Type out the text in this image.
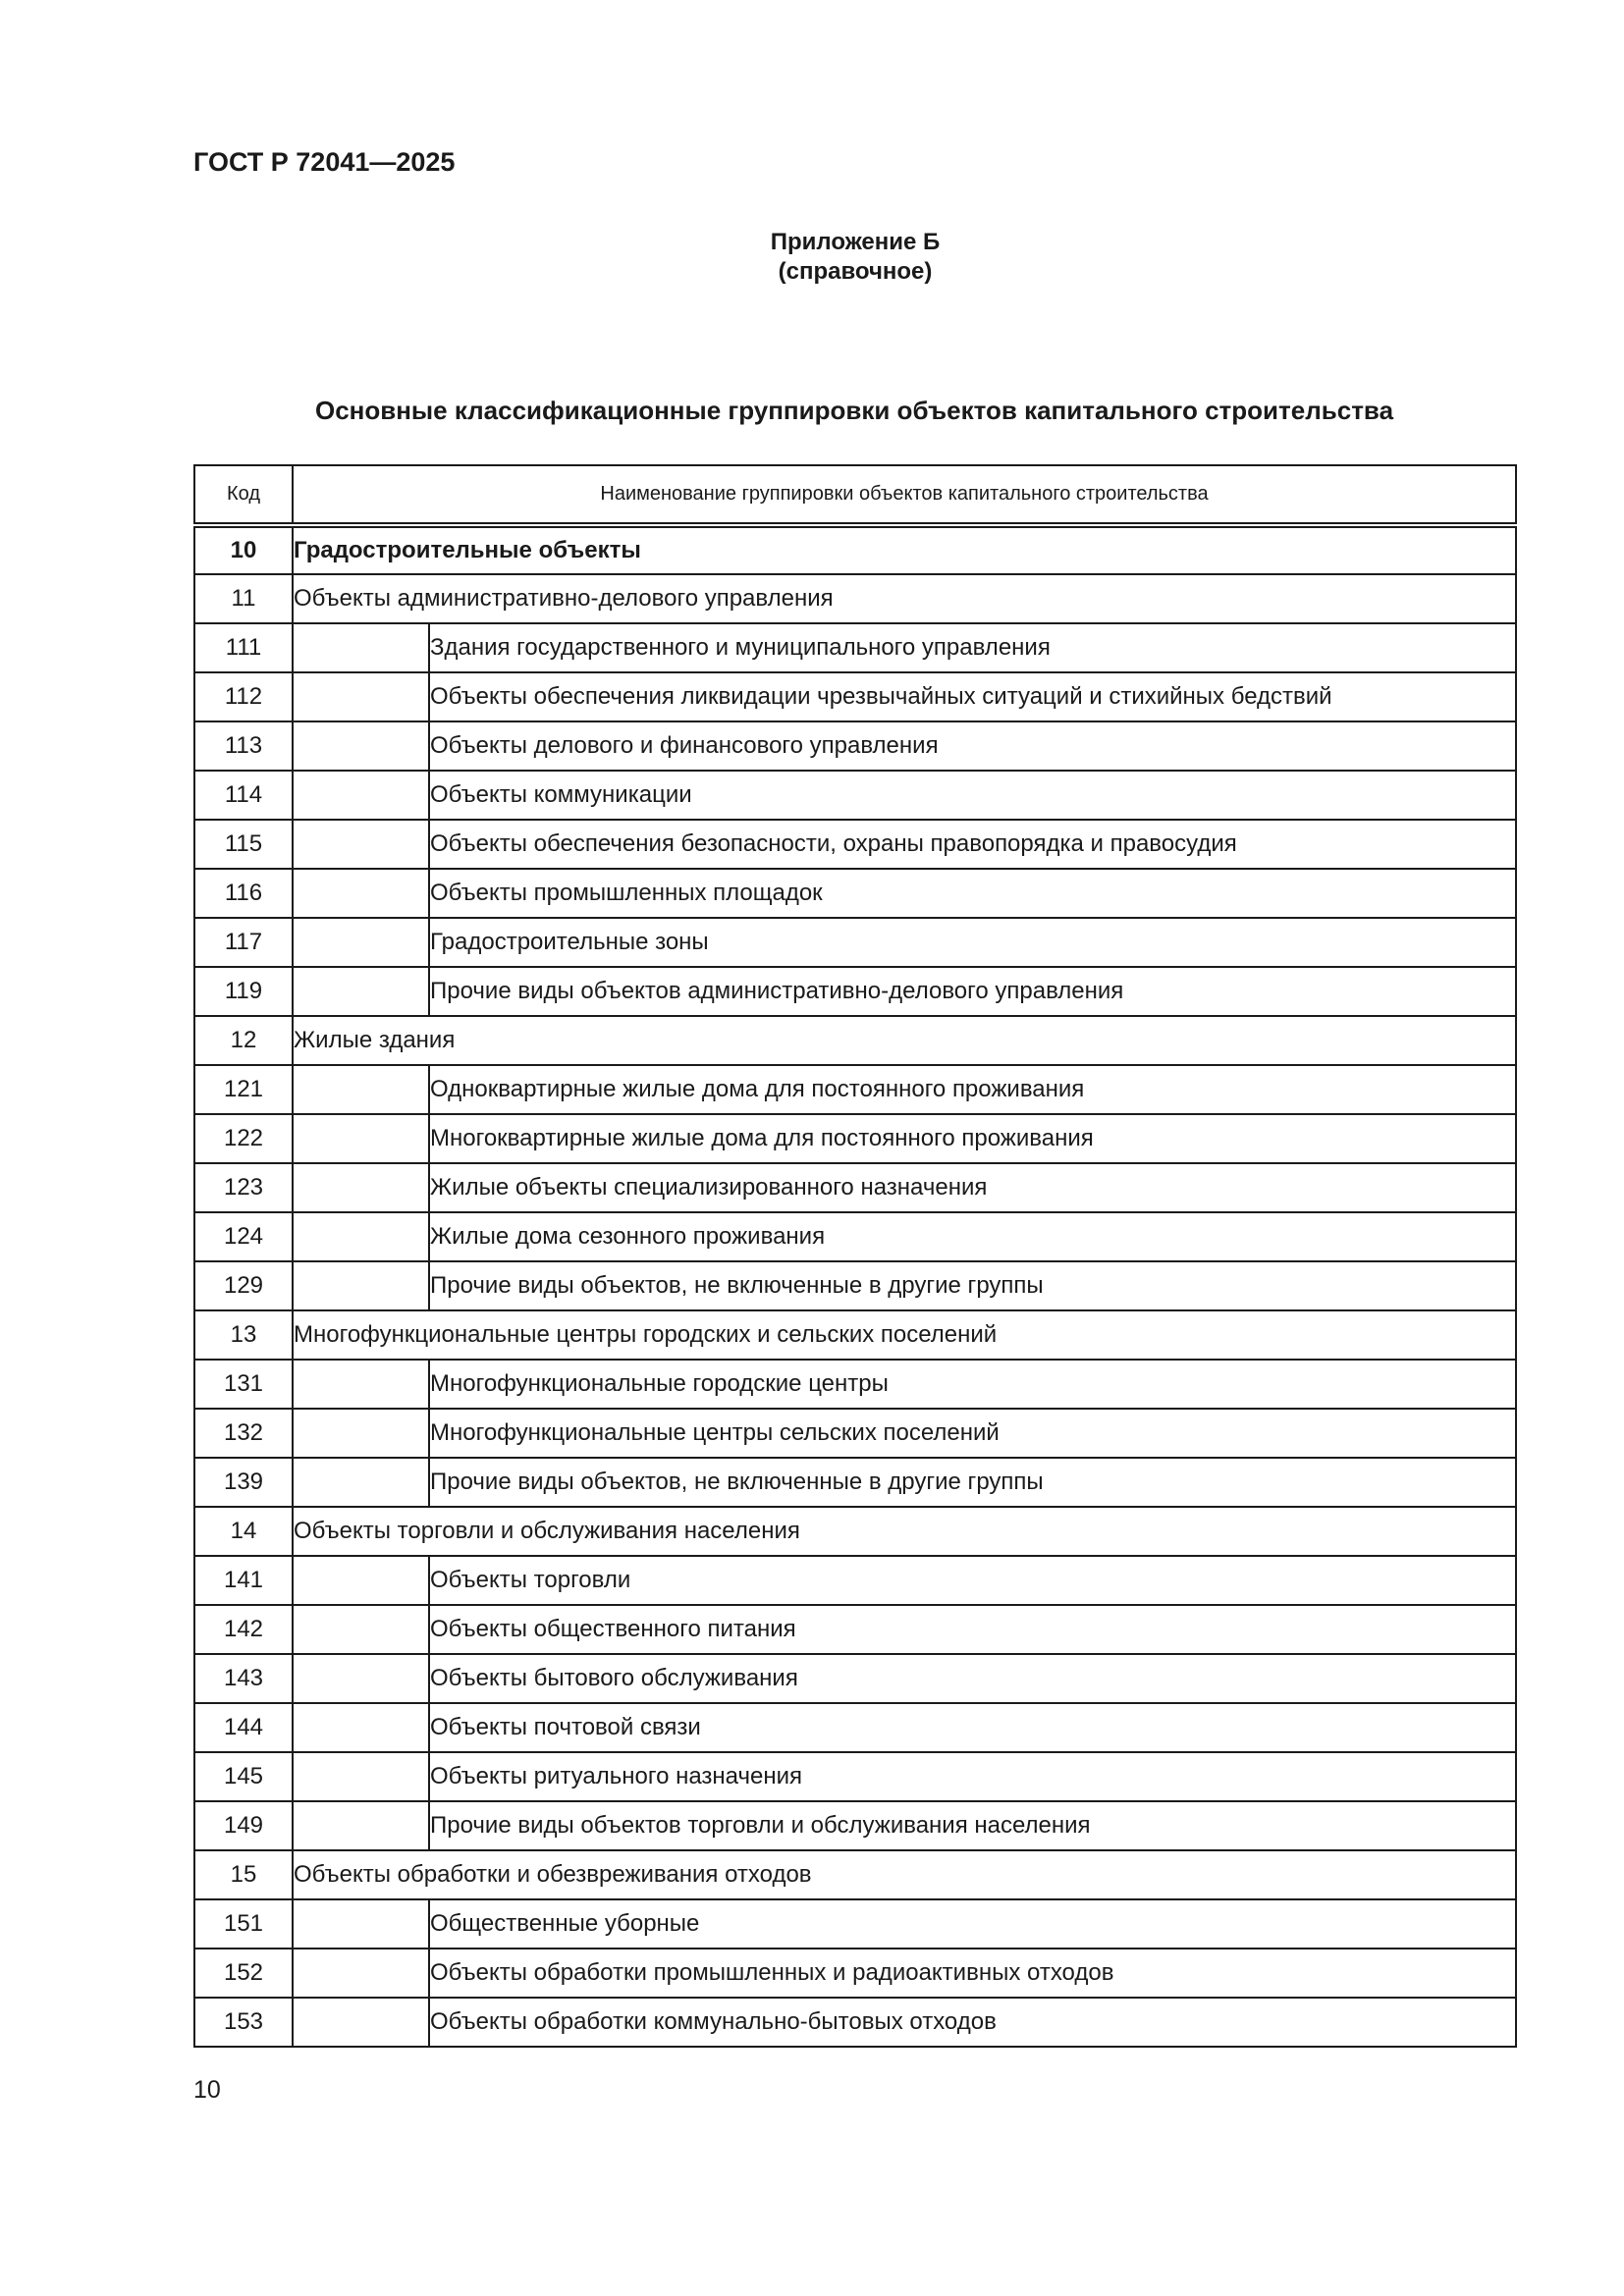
ГОСТ Р 72041—2025
Приложение Б
(справочное)
Основные классификационные группировки объектов капитального строительства
Код	Наименование группировки объектов капитального строительства	
10	Градостроительные объекты	
11	Объекты административно-делового управления	
111		Здания государственного и муниципального управления
112		Объекты обеспечения ликвидации чрезвычайных ситуаций и стихийных бедствий
113		Объекты делового и финансового управления
114		Объекты коммуникации
115		Объекты обеспечения безопасности, охраны правопорядка и правосудия
116		Объекты промышленных площадок
117		Градостроительные зоны
119		Прочие виды объектов административно-делового управления
12	Жилые здания	
121		Одноквартирные жилые дома для постоянного проживания
122		Многоквартирные жилые дома для постоянного проживания
123		Жилые объекты специализированного назначения
124		Жилые дома сезонного проживания
129		Прочие виды объектов, не включенные в другие группы
13	Многофункциональные центры городских и сельских поселений	
131		Многофункциональные городские центры
132		Многофункциональные центры сельских поселений
139		Прочие виды объектов, не включенные в другие группы
14	Объекты торговли и обслуживания населения	
141		Объекты торговли
142		Объекты общественного питания
143		Объекты бытового обслуживания
144		Объекты почтовой связи
145		Объекты ритуального назначения
149		Прочие виды объектов торговли и обслуживания населения
15	Объекты обработки и обезвреживания отходов	
151		Общественные уборные
152		Объекты обработки промышленных и радиоактивных отходов
153		Объекты обработки коммунально-бытовых отходов
10
